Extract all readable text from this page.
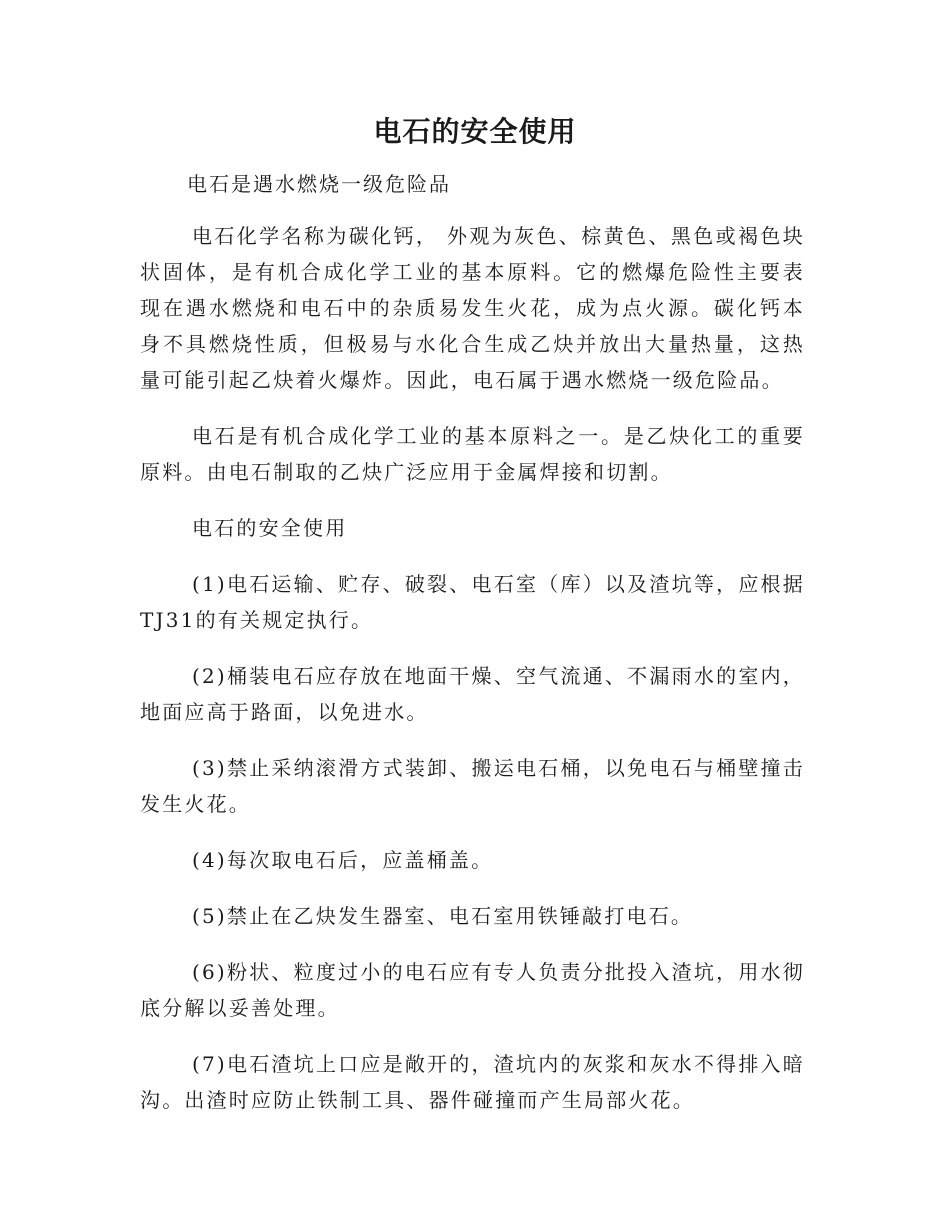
电石的安全使用

电石是遇水燃烧一级危险品

电石化学名称为碳化钙， 外观为灰色、棕黄色、黑色或褐色块状固体，是有机合成化学工业的基本原料。它的燃爆危险性主要表现在遇水燃烧和电石中的杂质易发生火花，成为点火源。碳化钙本身不具燃烧性质，但极易与水化合生成乙炔并放出大量热量，这热量可能引起乙炔着火爆炸。因此，电石属于遇水燃烧一级危险品。

电石是有机合成化学工业的基本原料之一。是乙炔化工的重要原料。由电石制取的乙炔广泛应用于金属焊接和切割。

电石的安全使用

(1)电石运输、贮存、破裂、电石室（库）以及渣坑等，应根据TJ31的有关规定执行。

(2)桶装电石应存放在地面干燥、空气流通、不漏雨水的室内，地面应高于路面，以免进水。

(3)禁止采纳滚滑方式装卸、搬运电石桶，以免电石与桶壁撞击发生火花。

(4)每次取电石后，应盖桶盖。

(5)禁止在乙炔发生器室、电石室用铁锤敲打电石。

(6)粉状、粒度过小的电石应有专人负责分批投入渣坑，用水彻底分解以妥善处理。

(7)电石渣坑上口应是敞开的，渣坑内的灰浆和灰水不得排入暗沟。出渣时应防止铁制工具、器件碰撞而产生局部火花。
